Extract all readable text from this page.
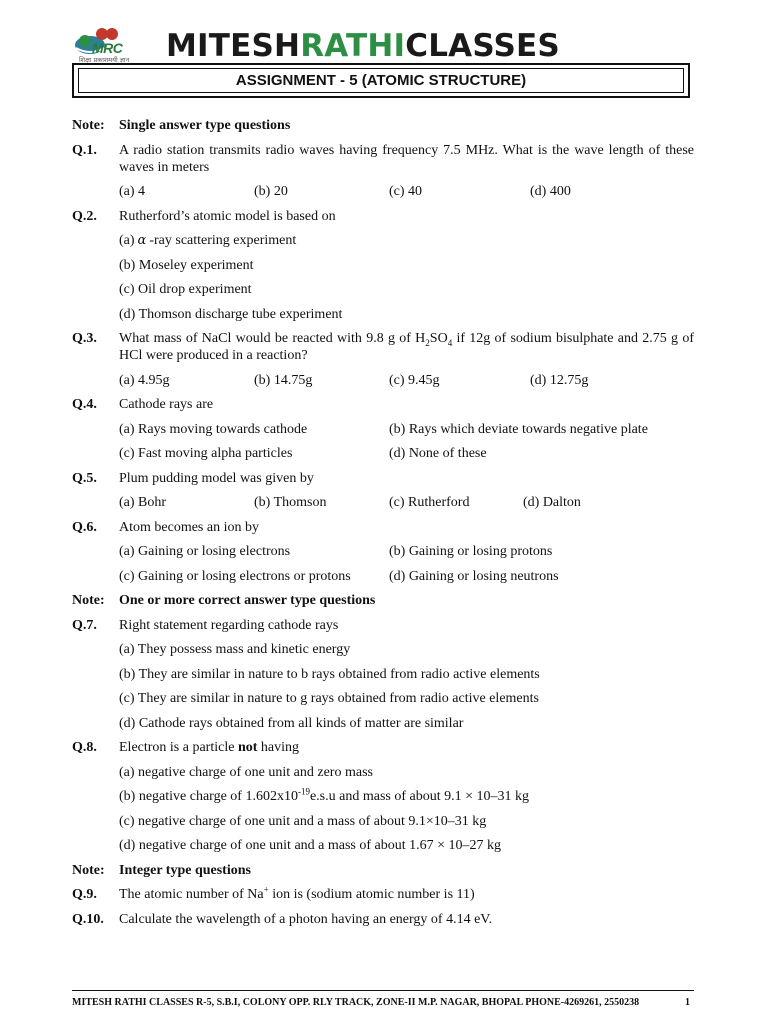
MRC
शिक्षा प्रकाशमयी ज्ञान MITESHRATHICLASSES
ASSIGNMENT - 5 (ATOMIC STRUCTURE)
Note: Single answer type questions
Q.1. A radio station transmits radio waves having frequency 7.5 MHz. What is the wave length of these waves in meters
(a) 4	(b) 20	(c) 40	(d) 400
Q.2. Rutherford’s atomic model is based on
(a) α -ray scattering experiment
(b) Moseley experiment
(c) Oil drop experiment
(d) Thomson discharge tube experiment
Q.3. What mass of NaCl would be reacted with 9.8 g of $H_2SO_4$ if 12g of sodium bisulphate and 2.75 g of HCl were produced in a reaction?
(a) 4.95g	(b) 14.75g	(c) 9.45g	(d) 12.75g
Q.4. Cathode rays are
(a) Rays moving towards cathode	(b) Rays which deviate towards negative plate
(c) Fast moving alpha particles	(d) None of these
Q.5. Plum pudding model was given by
(a) Bohr	(b) Thomson	(c) Rutherford	(d) Dalton
Q.6. Atom becomes an ion by
(a) Gaining or losing electrons	(b) Gaining or losing protons
(c) Gaining or losing electrons or protons	(d) Gaining or losing neutrons
Note: One or more correct answer type questions
Q.7. Right statement regarding cathode rays
(a) They possess mass and kinetic energy
(b) They are similar in nature to b rays obtained from radio active elements
(c) They are similar in nature to g rays obtained from radio active elements
(d) Cathode rays obtained from all kinds of matter are similar
Q.8. Electron is a particle not having
(a) negative charge of one unit and zero mass
(b) negative charge of $1.602x10^{-19}e.s.u$ and mass of about 9.1 × 10–31 kg
(c) negative charge of one unit and a mass of about 9.1×10–31 kg
(d) negative charge of one unit and a mass of about 1.67 × 10–27 kg
Note: Integer type questions
Q.9. The atomic number of Na+ ion is (sodium atomic number is 11)
Q.10. Calculate the wavelength of a photon having an energy of 4.14 eV.
MITESH RATHI CLASSES R-5, S.B.I, COLONY OPP. RLY TRACK, ZONE-II M.P. NAGAR, BHOPAL PHONE-4269261, 2550238	1
